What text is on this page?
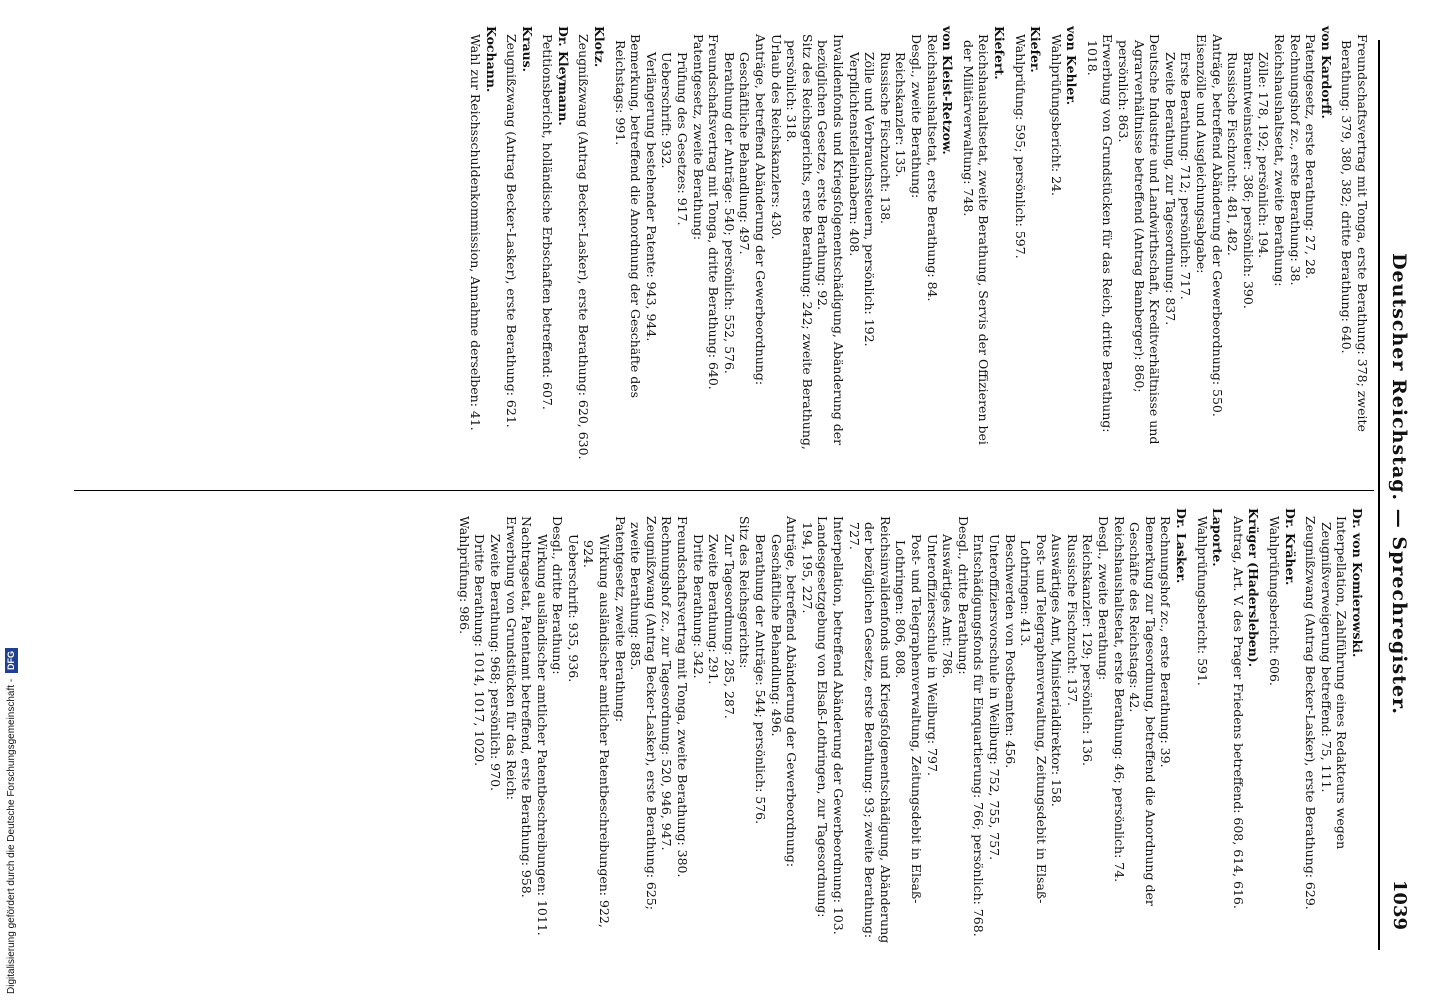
Deutscher Reichstag. — Sprechregister.
1039
Freundschaftsvertrag mit Tonga, erste Berathung: 378; zweite Berathung: 379, 380, 382; dritte Berathung: 640.
von Kardorff.
Patentgesetz, erste Berathung: 27, 28.
Rechnungshof zc., erste Berathung: 38.
Reichshaushaltsetat, zweite Berathung:
Zölle: 178, 192; persönlich: 194.
Branntweinsteuer: 386; persönlich: 390.
Russische Fischzucht: 481, 482.
Anträge, betreffend Abänderung der Gewerbeordnung: 550.
Eisenzölle und Ausgleichungsabgabe:
Erste Berathung: 712; persönlich: 717.
Zweite Berathung, zur Tagesordnung: 837.
Deutsche Industrie und Landwirthschaft, Kreditverhältnisse und Agrarverhältnisse betreffend (Antrag Bamberger): 860; persönlich: 863.
Erwerbung von Grundstücken für das Reich, dritte Berathung: 1018.
von Kehler.
Wahlprüfungsbericht: 24.
Kiefer.
Wahlprüfung: 595; persönlich: 597.
Kiefert.
Reichshaushaltsetat, zweite Berathung, Servis der Offizieren bei der Militärverwaltung: 748.
von Kleist-Retzow.
Reichshaushaltsetat, erste Berathung: 84.
Desgl., zweite Berathung:
Reichskanzler: 135.
Russische Fischzucht: 138.
Zölle und Verbrauchssteuern, persönlich: 192.
Verpflichtenstelleinhabern: 408.
Invalidenfonds und Kriegsfolgenentschädigung, Abänderung der bezüglichen Gesetze, erste Berathung: 92.
Sitz des Reichsgerichts, erste Berathung: 242; zweite Berathung, persönlich: 318.
Urlaub des Reichskanzlers: 430.
Anträge, betreffend Abänderung der Gewerbeordnung:
Geschäftliche Behandlung: 497.
Berathung der Anträge: 540; persönlich: 552, 576.
Freundschaftsvertrag mit Tonga, dritte Berathung: 640.
Patentgesetz, zweite Berathung:
Prüfung des Gesetzes: 917.
Ueberschrift: 932.
Verlängerung bestehender Patente: 943, 944.
Bemerkung, betreffend die Anordnung der Geschäfte des Reichstags: 991.
Klotz.
Zeugnißzwang (Antrag Becker-Lasker), erste Berathung: 620, 630.
Dr. Kleymann.
Petitionsbericht, holländische Erbschaften betreffend: 607.
Kraus.
Zeugnißzwang (Antrag Becker-Lasker), erste Berathung: 621.
Kochann.
Wahl zur Reichsschuldenkommission, Annahme derselben: 41.
Dr. von Komierowski.
Interpellation, Zahlführung eines Redakteurs wegen Zeugnißverweigerung betreffend: 75, 111.
Zeugnißzwang (Antrag Becker-Lasker), erste Berathung: 629.
Dr. Kräher.
Wahlprüfungsbericht: 606.
Krüger (Hadersleben).
Antrag, Art. V. des Prager Friedens betreffend: 608, 614, 616.
Laporte.
Wahlprüfungsbericht: 591.
Dr. Lasker.
Rechnungshof zc., erste Berathung: 39.
Bemerkung zur Tagesordnung, betreffend die Anordnung der Geschäfte des Reichstags: 42.
Reichshaushaltsetat, erste Berathung: 46; persönlich: 74.
Desgl., zweite Berathung:
Reichskanzler: 129; persönlich: 136.
Russische Fischzucht: 137.
Auswärtiges Amt, Ministerialdirektor: 158.
Post- und Telegraphenverwaltung, Zeitungsdebit in Elsaß-Lothringen: 413.
Beschwerden von Postbeamten: 456.
Unteroffiziersvorschule in Weilburg: 752, 755, 757.
Entschädigungsfonds für Einquartierung: 766; persönlich: 768.
Desgl., dritte Berathung:
Auswärtiges Amt: 786.
Unteroffiziersschule in Weilburg: 797.
Post- und Telegraphenverwaltung, Zeitungsdebit in Elsaß-Lothringen: 806, 808.
Reichsinvalidenfonds und Kriegsfolgenentschädigung, Abänderung der bezüglichen Gesetze, erste Berathung: 93; zweite Berathung: 727.
Interpellation, betreffend Abänderung der Gewerbeordnung: 103.
Landesgesetzgebung von Elsaß-Lothringen, zur Tagesordnung: 194, 195, 227.
Anträge, betreffend Abänderung der Gewerbeordnung:
Geschäftliche Behandlung: 496.
Berathung der Anträge: 544; persönlich: 576.
Sitz des Reichsgerichts:
Zur Tagesordnung: 285, 287.
Zweite Berathung: 291.
Dritte Berathung: 342.
Freundschaftsvertrag mit Tonga, zweite Berathung: 380.
Rechnungshof zc., zur Tagesordnung: 520, 946, 947.
Zeugnißzwang (Antrag Becker-Lasker), erste Berathung: 625; zweite Berathung: 885.
Patentgesetz, zweite Berathung:
Wirkung ausländischer amtlicher Patentbeschreibungen: 922, 924.
Ueberschrift: 935, 936.
Desgl., dritte Berathung:
Wirkung ausländischer amtlicher Patentbeschreibungen: 1011.
Nachtragsetat, Patentamt betreffend, erste Berathung: 958.
Erwerbung von Grundstücken für das Reich:
Zweite Berathung: 968; persönlich: 970.
Dritte Berathung: 1014, 1017, 1020.
Wahlprüfung: 986.
Digitalisierung gefördert durch die Deutsche Forschungsgemeinschaft - DFG
